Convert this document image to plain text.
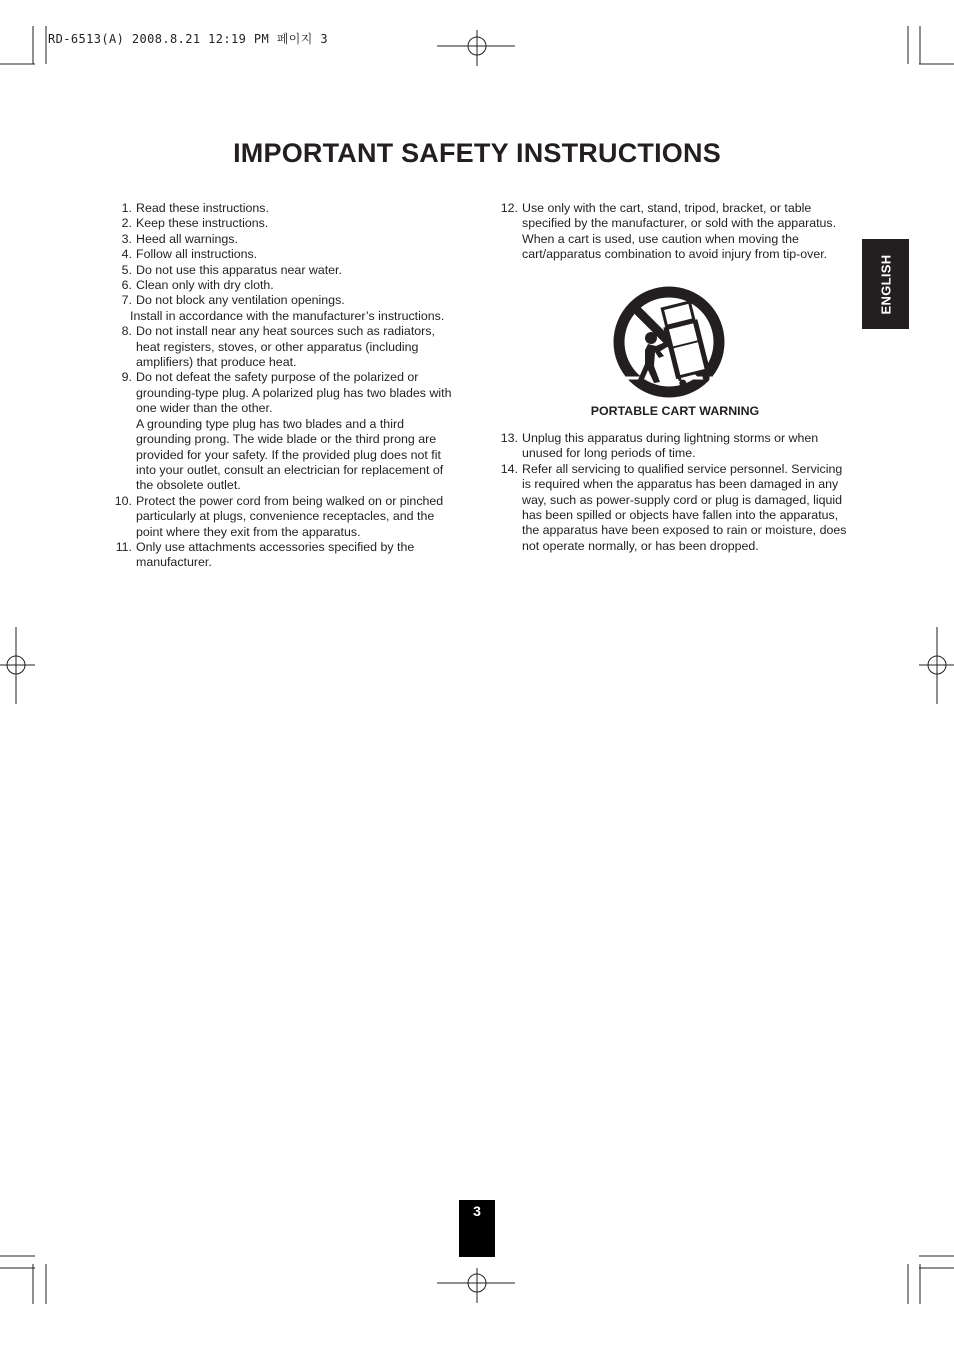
RD-6513(A) 2008.8.21 12:19 PM 페이지 3
IMPORTANT SAFETY INSTRUCTIONS
ENGLISH
1. Read these instructions.
2. Keep these instructions.
3. Heed all warnings.
4. Follow all instructions.
5. Do not use this apparatus near water.
6. Clean only with dry cloth.
7. Do not block any ventilation openings.
Install in accordance with the manufacturer’s instructions.
8. Do not install near any heat sources such as radiators, heat registers, stoves, or other apparatus (including amplifiers) that produce heat.
9. Do not defeat the safety purpose of the polarized or grounding-type plug. A polarized plug has two blades with one wider than the other.
A grounding type plug has two blades and a third grounding prong. The wide blade or the third prong are provided for your safety. If the provided plug does not fit into your outlet, consult an electrician for replacement of the obsolete outlet.
10. Protect the power cord from being walked on or pinched particularly at plugs, convenience receptacles, and the point where they exit from the apparatus.
11. Only use attachments accessories specified by the manufacturer.
12. Use only with the cart, stand, tripod, bracket, or table specified by the manufacturer, or sold with the apparatus.
When a cart is used, use caution when moving the cart/apparatus combination to avoid injury from tip-over.
PORTABLE CART WARNING
13. Unplug this apparatus during lightning storms or when unused for long periods of time.
14. Refer all servicing to qualified service personnel. Servicing is required when the apparatus has been damaged in any way, such as power-supply cord or plug is damaged, liquid has been spilled or objects have fallen into the apparatus, the apparatus have been exposed to rain or moisture, does not operate normally, or has been dropped.
3
